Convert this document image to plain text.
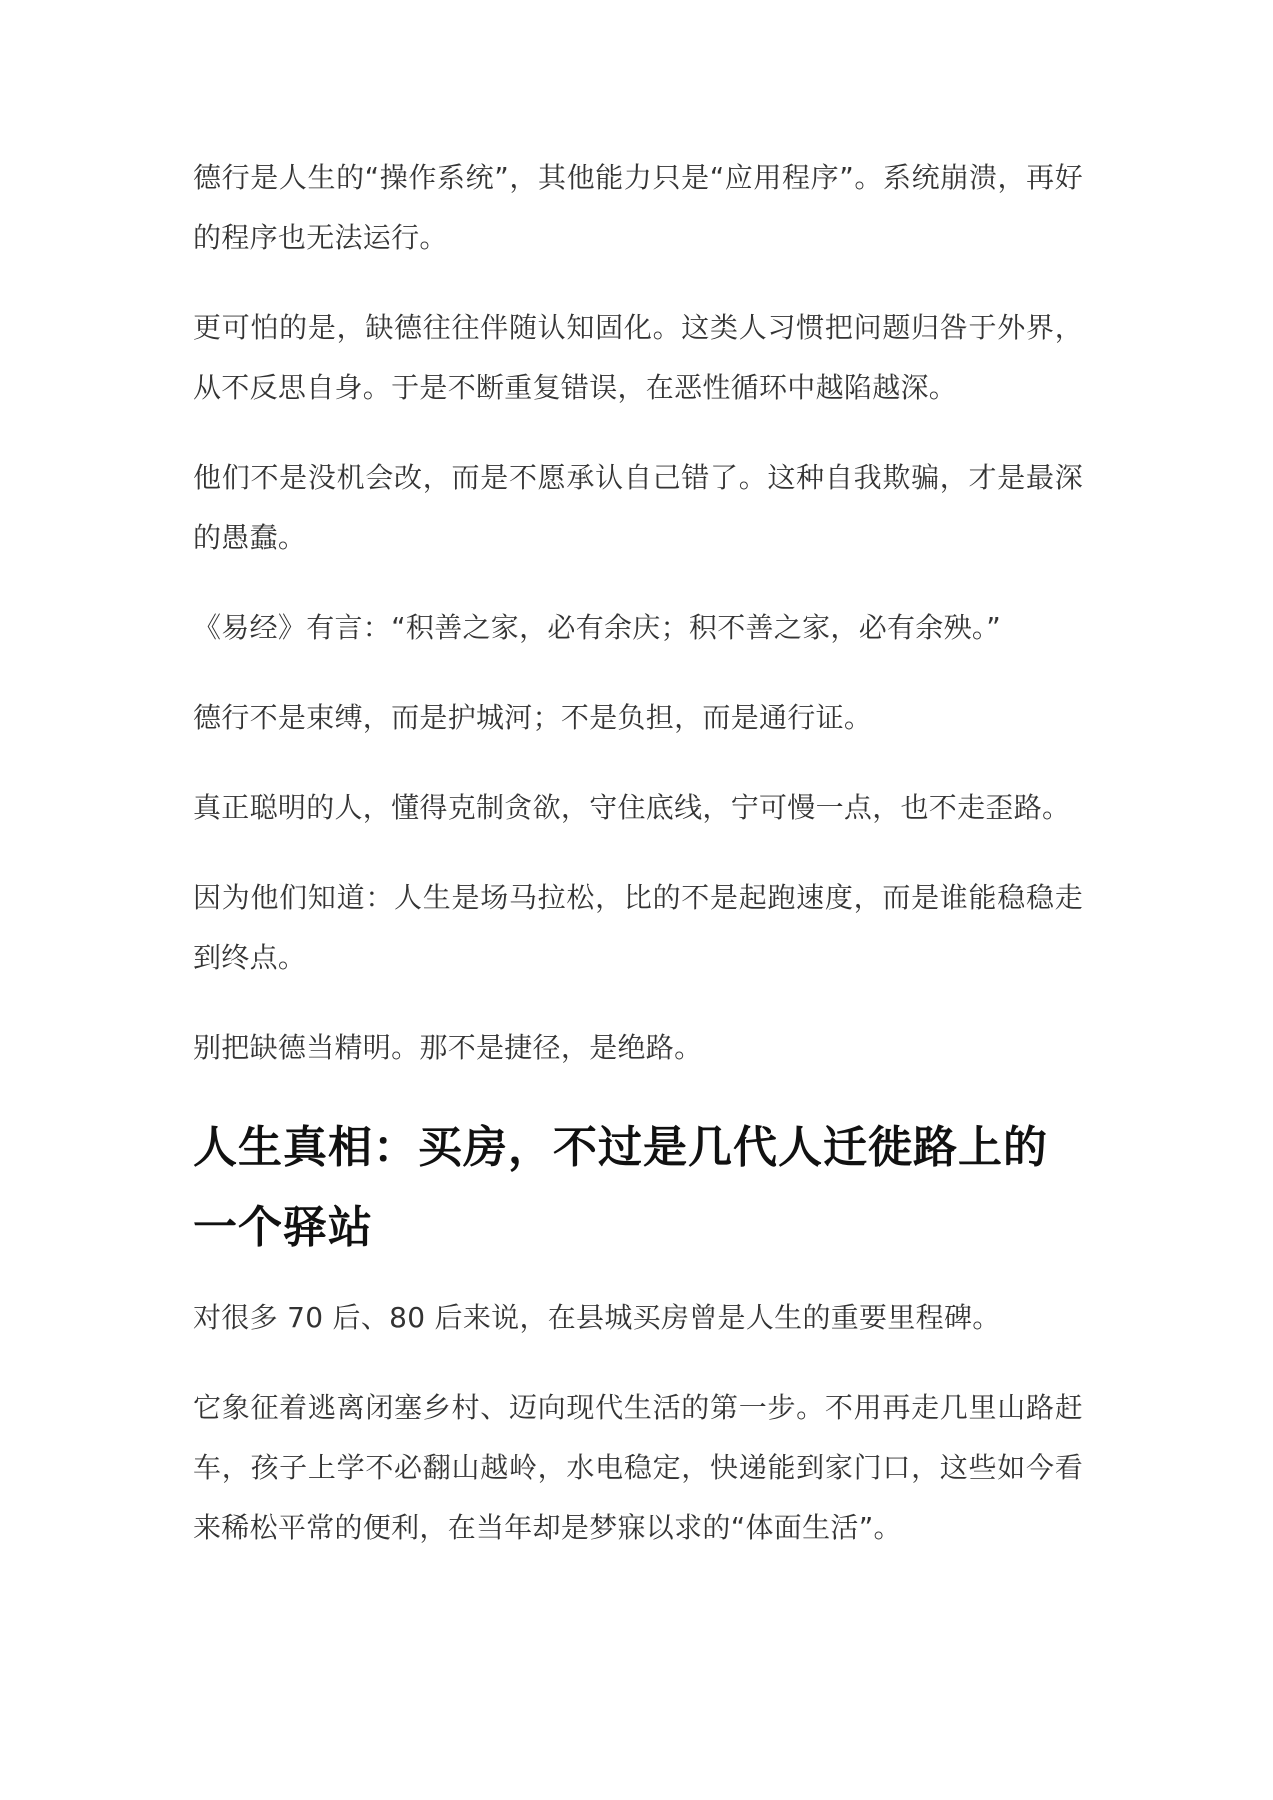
德行是人生的“操作系统”，其他能力只是“应用程序”。系统崩溃，再好的程序也无法运行。

更可怕的是，缺德往往伴随认知固化。这类人习惯把问题归咎于外界，从不反思自身。于是不断重复错误，在恶性循环中越陷越深。

他们不是没机会改，而是不愿承认自己错了。这种自我欺骗，才是最深的愚蠢。

《易经》有言：“积善之家，必有余庆；积不善之家，必有余殃。”

德行不是束缚，而是护城河；不是负担，而是通行证。

真正聪明的人，懂得克制贪欲，守住底线，宁可慢一点，也不走歪路。

因为他们知道：人生是场马拉松，比的不是起跑速度，而是谁能稳稳走到终点。

别把缺德当精明。那不是捷径，是绝路。

人生真相：买房，不过是几代人迁徙路上的一个驿站

对很多 70 后、80 后来说，在县城买房曾是人生的重要里程碑。

它象征着逃离闭塞乡村、迈向现代生活的第一步。不用再走几里山路赶车，孩子上学不必翻山越岭，水电稳定，快递能到家门口，这些如今看来稀松平常的便利，在当年却是梦寐以求的“体面生活”。
